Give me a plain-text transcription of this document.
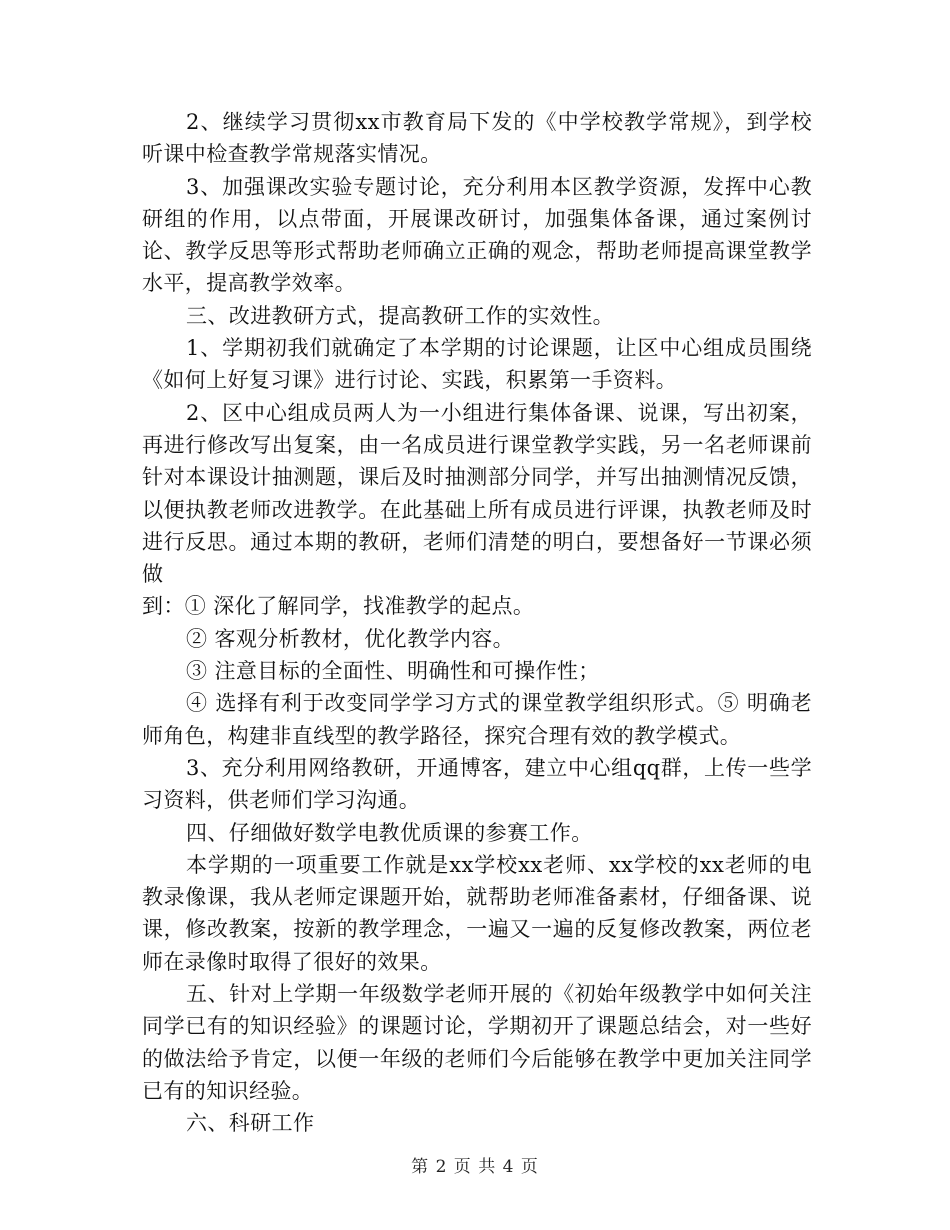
2、继续学习贯彻xx市教育局下发的《中学校教学常规》，到学校听课中检查教学常规落实情况。

3、加强课改实验专题讨论，充分利用本区教学资源，发挥中心教研组的作用，以点带面，开展课改研讨，加强集体备课，通过案例讨论、教学反思等形式帮助老师确立正确的观念，帮助老师提高课堂教学水平，提高教学效率。

三、改进教研方式，提高教研工作的实效性。

1、学期初我们就确定了本学期的讨论课题，让区中心组成员围绕《如何上好复习课》进行讨论、实践，积累第一手资料。

2、区中心组成员两人为一小组进行集体备课、说课，写出初案，再进行修改写出复案，由一名成员进行课堂教学实践，另一名老师课前针对本课设计抽测题，课后及时抽测部分同学，并写出抽测情况反馈，以便执教老师改进教学。在此基础上所有成员进行评课，执教老师及时进行反思。通过本期的教研，老师们清楚的明白，要想备好一节课必须做

到：① 深化了解同学，找准教学的起点。

② 客观分析教材，优化教学内容。

③ 注意目标的全面性、明确性和可操作性；

④ 选择有利于改变同学学习方式的课堂教学组织形式。⑤ 明确老师角色，构建非直线型的教学路径，探究合理有效的教学模式。

3、充分利用网络教研，开通博客，建立中心组qq群，上传一些学习资料，供老师们学习沟通。

四、仔细做好数学电教优质课的参赛工作。

本学期的一项重要工作就是xx学校xx老师、xx学校的xx老师的电教录像课，我从老师定课题开始，就帮助老师准备素材，仔细备课、说课，修改教案，按新的教学理念，一遍又一遍的反复修改教案，两位老师在录像时取得了很好的效果。

五、针对上学期一年级数学老师开展的《初始年级教学中如何关注同学已有的知识经验》的课题讨论，学期初开了课题总结会，对一些好的做法给予肯定，以便一年级的老师们今后能够在教学中更加关注同学已有的知识经验。

六、科研工作

第 2 页 共 4 页
